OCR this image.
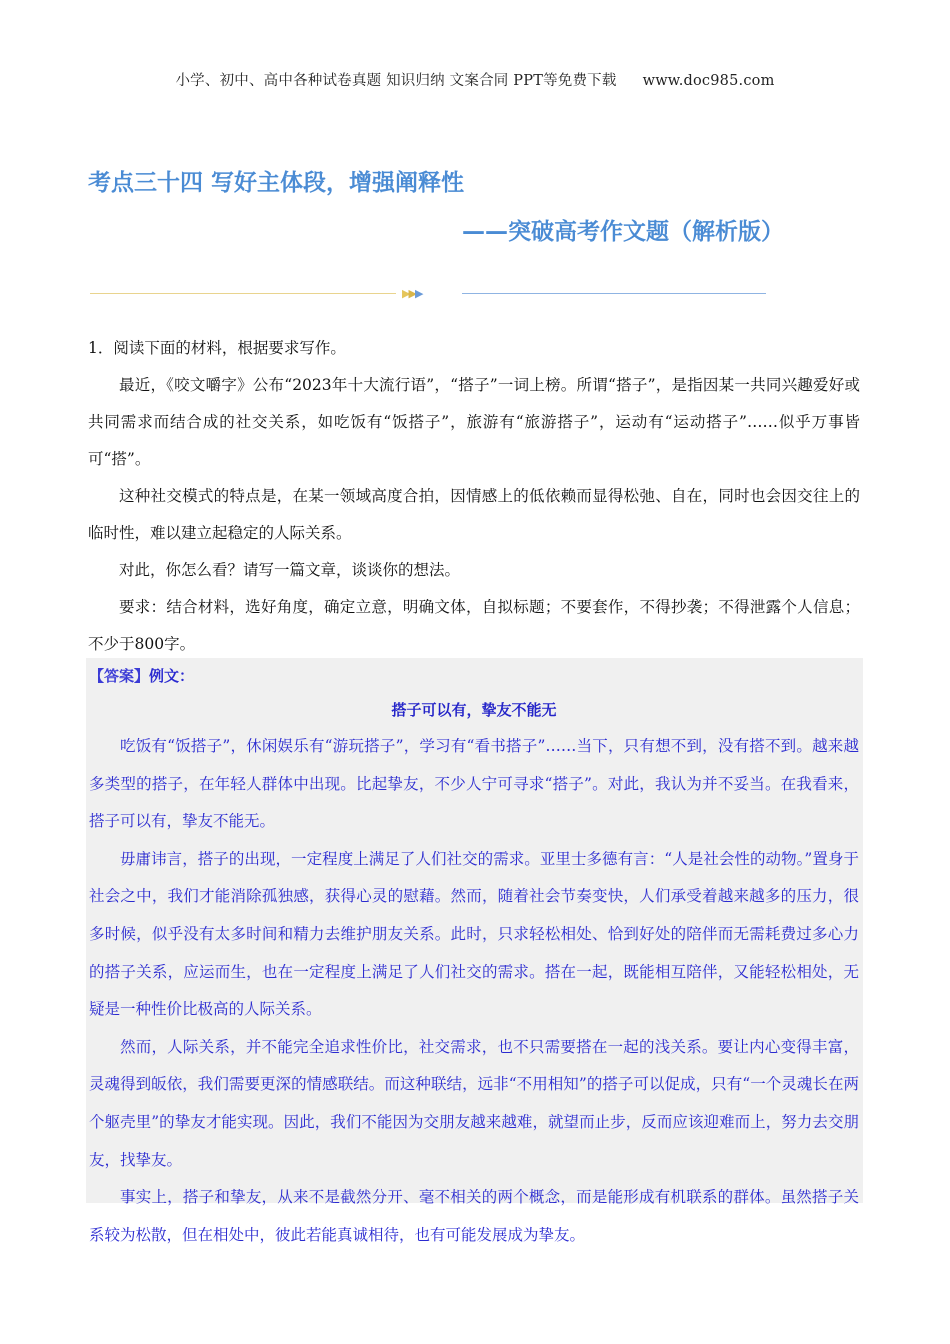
小学、初中、高中各种试卷真题 知识归纳 文案合同 PPT等免费下载 www.doc985.com
考点三十四 写好主体段，增强阐释性
——突破高考作文题（解析版）
▶▶▶

1．阅读下面的材料，根据要求写作。

最近，《咬文嚼字》公布“2023年十大流行语”，“搭子”一词上榜。所谓“搭子”，是指因某一共同兴趣爱好或共同需求而结合成的社交关系，如吃饭有“饭搭子”，旅游有“旅游搭子”，运动有“运动搭子”……似乎万事皆可“搭”。

这种社交模式的特点是，在某一领域高度合拍，因情感上的低依赖而显得松弛、自在，同时也会因交往上的临时性，难以建立起稳定的人际关系。

对此，你怎么看？请写一篇文章，谈谈你的想法。

要求：结合材料，选好角度，确定立意，明确文体，自拟标题；不要套作，不得抄袭；不得泄露个人信息；不少于800字。

【答案】例文：
搭子可以有，挚友不能无

吃饭有“饭搭子”，休闲娱乐有“游玩搭子”，学习有“看书搭子”……当下，只有想不到，没有搭不到。越来越多类型的搭子，在年轻人群体中出现。比起挚友，不少人宁可寻求“搭子”。对此，我认为并不妥当。在我看来，搭子可以有，挚友不能无。

毋庸讳言，搭子的出现，一定程度上满足了人们社交的需求。亚里士多德有言：“人是社会性的动物。”置身于社会之中，我们才能消除孤独感，获得心灵的慰藉。然而，随着社会节奏变快，人们承受着越来越多的压力，很多时候，似乎没有太多时间和精力去维护朋友关系。此时，只求轻松相处、恰到好处的陪伴而无需耗费过多心力的搭子关系，应运而生，也在一定程度上满足了人们社交的需求。搭在一起，既能相互陪伴，又能轻松相处，无疑是一种性价比极高的人际关系。

然而，人际关系，并不能完全追求性价比，社交需求，也不只需要搭在一起的浅关系。要让内心变得丰富，灵魂得到皈依，我们需要更深的情感联结。而这种联结，远非“不用相知”的搭子可以促成，只有“一个灵魂长在两个躯壳里”的挚友才能实现。因此，我们不能因为交朋友越来越难，就望而止步，反而应该迎难而上，努力去交朋友，找挚友。

事实上，搭子和挚友，从来不是截然分开、毫不相关的两个概念，而是能形成有机联系的群体。虽然搭子关系较为松散，但在相处中，彼此若能真诚相待，也有可能发展成为挚友。
